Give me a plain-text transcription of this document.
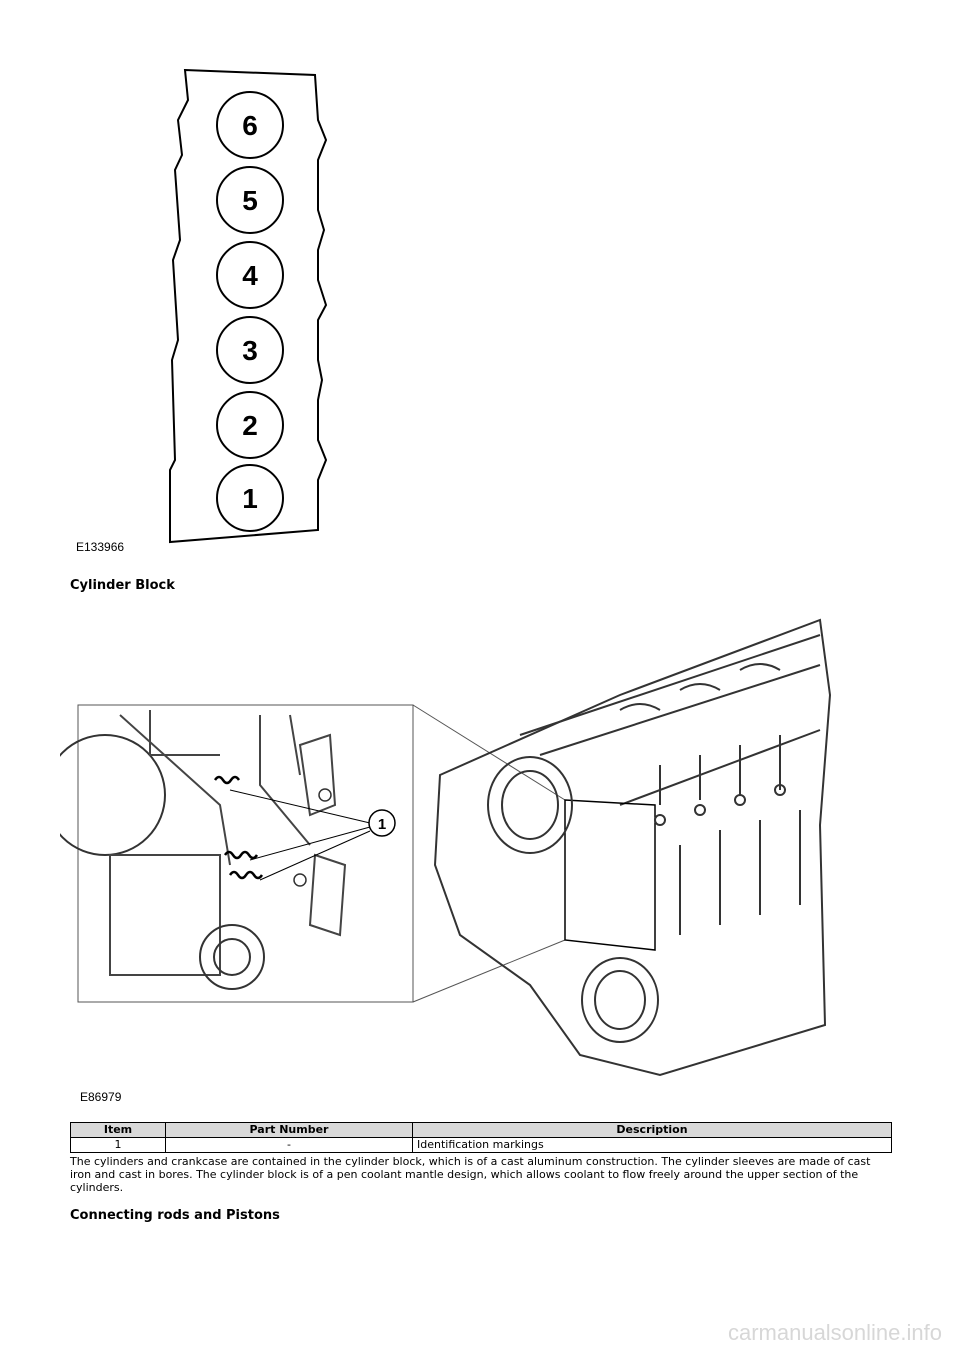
6
5
4
3
2
1
E133966
Cylinder Block
1
E86979
Item	Part Number	Description
1	-	Identification markings
The cylinders and crankcase are contained in the cylinder block, which is of a cast aluminum construction. The cylinder sleeves are made of cast iron and cast in bores. The cylinder block is of a pen coolant mantle design, which allows coolant to flow freely around the upper section of the cylinders.
Connecting rods and Pistons
carmanualsonline.info
